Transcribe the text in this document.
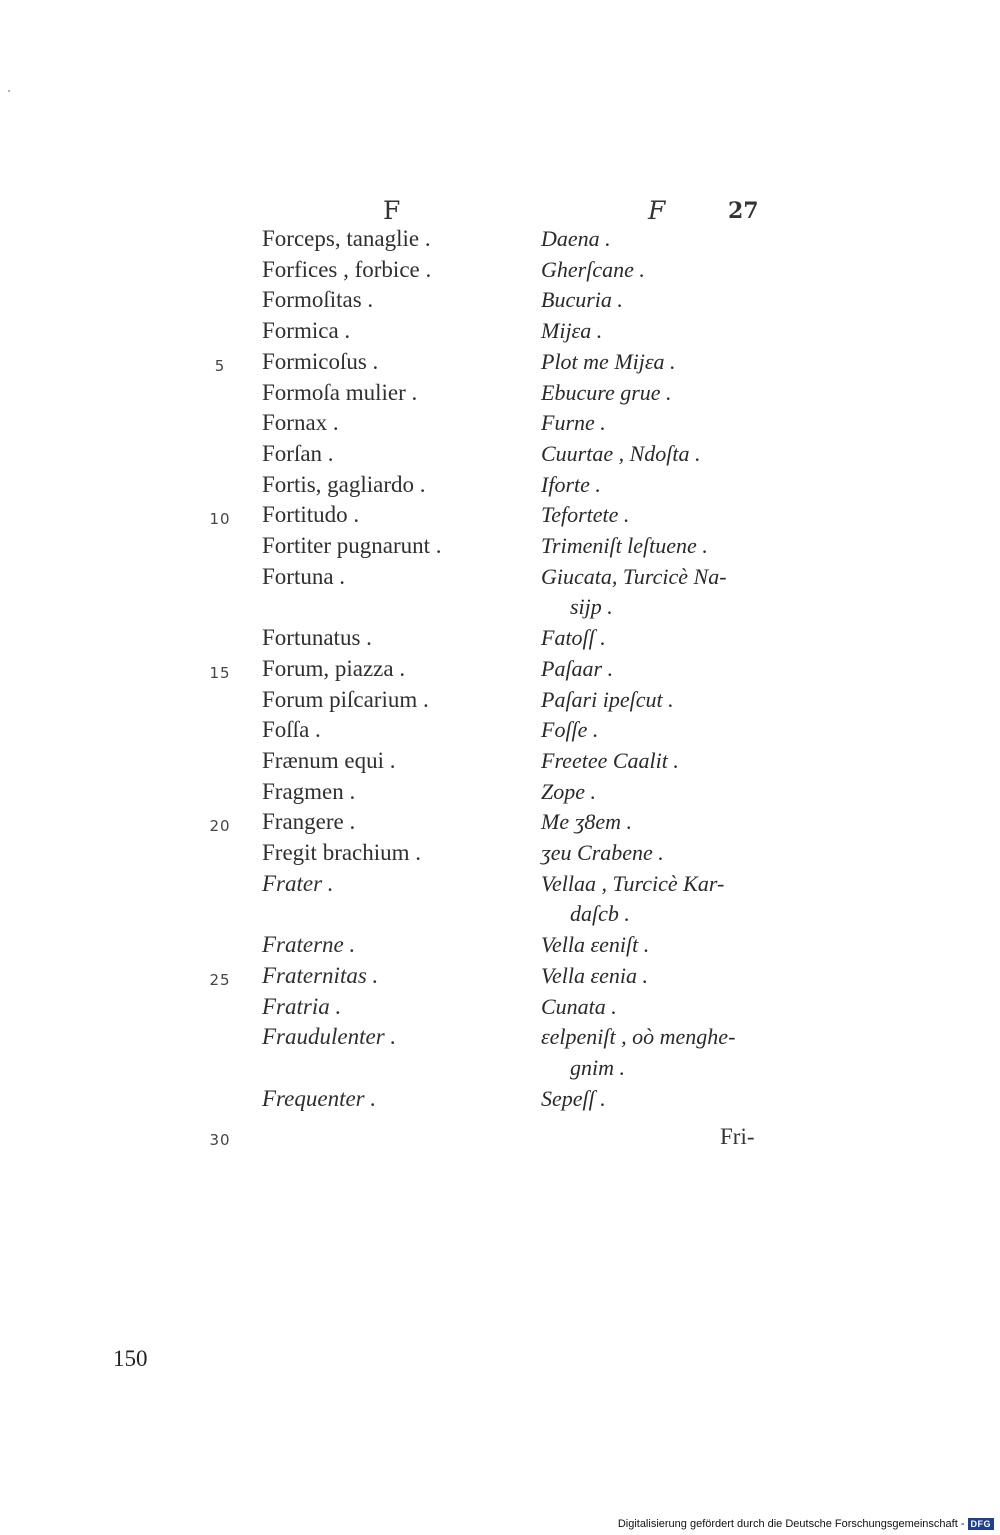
F	F	27
Forceps, tanaglie .	Daena .
Forfices , forbice .	Gherſcane .
Formoſitas .	Bucuria .
Formica .	Mijεa .
5	Formicoſus .	Plot me Mijεa .
Formoſa mulier .	Ebucure grue .
Fornax .	Furne .
Forſan .	Cuurtae , Ndoſta .
Fortis, gagliardo .	Iforte .
10	Fortitudo .	Tefortete .
Fortiter pugnarunt .	Trimeniſt leſtuene .
Fortuna .	Giucata, Turcicè Na-
sijp .
Fortunatus .	Fatoſſ .
15	Forum, piazza .	Paſaar .
Forum piſcarium .	Paſari ipeſcut .
Foſſa .	Foſſe .
Frænum equi .	Freetee Caalit .
Fragmen .	Zope .
20	Frangere .	Me ʒ8em .
Fregit brachium .	ʒeu Crabene .
Frater .	Vellaa , Turcicè Kar-
daſcb .
Fraterne .	Vella εeniſt .
25	Fraternitas .	Vella εenia .
Fratria .	Cunata .
Fraudulenter .	εelpeniſt , oò menghe-
gnim .
Frequenter .	Sepeſſ .
30	Fri-
150
Digitalisierung gefördert durch die Deutsche Forschungsgemeinschaft - DFG
